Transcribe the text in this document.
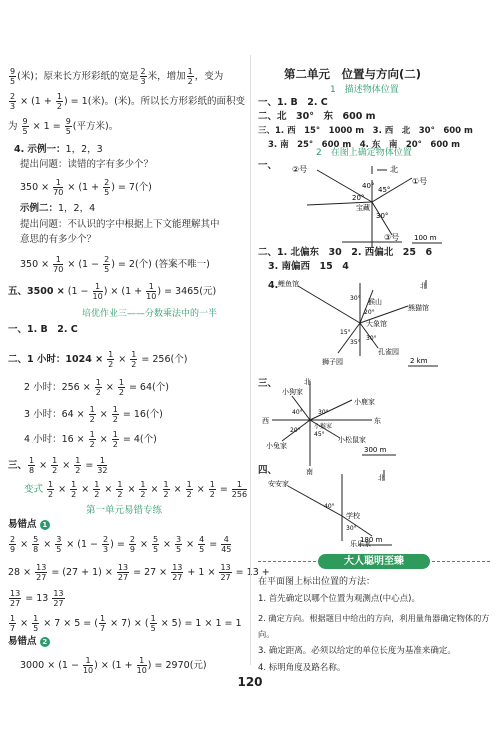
$\frac{9}{5}$ (米)；原来长方形彩纸的宽是 $\frac{2}{3}$ 米，增加 $\frac{1}{2}$ ，变为
$\frac{2}{3} \times (1 + \frac{1}{2}$ ) = 1(米)。(米)。所以长方形彩纸的面积变
为 $\frac{9}{5} \times 1 = \frac{9}{5}$ (平方米)。
4. 示例一：1，2，3
提出问题：读错的字有多少个？
$350 \times \frac{1}{70} \times (1 + \frac{2}{5}$ ) = 7(个)
示例二：1，2，4
提出问题：不认识的字中根据上下文能理解其中
意思的有多少个？
$350 \times \frac{1}{70} \times (1 - \frac{2}{5}$ ) = 2(个) (答案不唯一)
五、$3500 \times (1 - \frac{1}{10}$ ) × ($1 + \frac{1}{10}$ ) = 3465(元)
培优作业三——分数乘法中的一半
一、1. B　2. C
二、1 小时：$1024 \times \frac{1}{2} \times \frac{1}{2} = 256$(个)
2 小时：$256 \times \frac{1}{2} \times \frac{1}{2} = 64$(个)
3 小时：$64 \times \frac{1}{2} \times \frac{1}{2} = 16$(个)
4 小时：$16 \times \frac{1}{2} \times \frac{1}{2} = 4$(个)
三、 $\frac{1}{8} \times \frac{1}{2} \times \frac{1}{2} = \frac{1}{32}$
变式 $\frac{1}{2} \times \frac{1}{2} \times \frac{1}{2} \times \frac{1}{2} \times \frac{1}{2} \times \frac{1}{2} \times \frac{1}{2} \times \frac{1}{2} = \frac{1}{256}$
第一单元易错专练
易错点 1
$\frac{2}{9} \times \frac{5}{8} \times \frac{3}{5} \times (1 - \frac{2}{3}$ ) = $\frac{2}{9} \times \frac{5}{5} \times \frac{3}{5} \times \frac{4}{5} = \frac{4}{45}$
$28 \times \frac{13}{27} = (27 + 1) \times \frac{13}{27} = 27 \times \frac{13}{27} + 1 \times \frac{13}{27} = 13$ +
$\frac{13}{27} = 13 \frac{13}{27}$
$\frac{1}{7} \times \frac{1}{5} \times 7 \times 5$ = ( $\frac{1}{7} \times 7$) × ( $\frac{1}{5} \times 5) = 1 \times 1 = 1$
易错点 2
$3000 \times (1 - \frac{1}{10}$ ) × ($1 + \frac{1}{10}$ ) = 2970(元)
第二单元　位置与方向(二)
1　描述物体位置
一、1. B　2. C
二、北　30°　东　600 m
三、1. 西　15°　1000 m　3. 西　北　30°　600 m
3. 南　25°　600 m　4. 东　南　20°　600 m
2　在图上确定物体位置
一、	北
②号
①号
宝藏
③号
40° 45°
20°
30°
100 m
二、1. 北偏东　30　2. 西偏北　25　6
3. 南偏西　15　4
4.	北
鲤鱼馆
猴山
熊猫馆
大象馆
孔雀园
狮子园
30°
20°
15°
35°
30°
2 km
三、	北
小狗家
小鹿家
西	东
小猴家
小松鼠家
小兔家
南
40°	30°
20°
45°
300 m
四、
北
安安家
学校
乐乐家
40°
30°
180 m
大人聪明至臻
在平面图上标出位置的方法：
1. 首先确定以哪个位置为观测点(中心点)。
2. 确定方向。根据题目中给出的方向，利用量角器确定物体的方向。
3. 确定距离。必须以给定的单位长度为基准来确定。
4. 标明角度及路名称。
120
